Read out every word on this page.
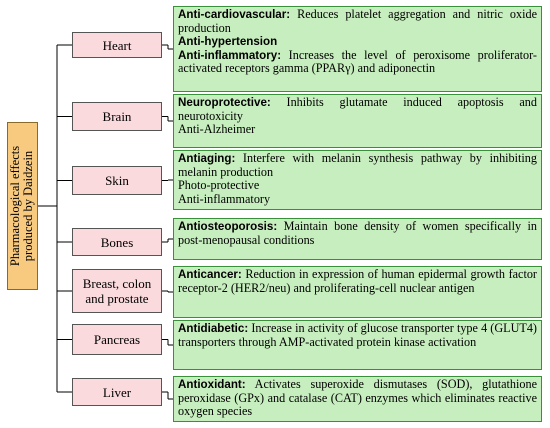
Pharmacological effects
produced by Daidzein
Heart
Brain
Skin
Bones
Breast, colon and prostate
Pancreas
Liver

Anti-cardiovascular: Reduces platelet aggregation and nitric oxide production

Anti-hypertension

Anti-inflammatory: Increases the level of peroxisome proliferator-activated receptors gamma (PPARγ) and adiponectin

Neuroprotective: Inhibits glutamate induced apoptosis and neurotoxicity

Anti-Alzheimer

Antiaging: Interfere with melanin synthesis pathway by inhibiting melanin production

Photo-protective

Anti-inflammatory

Antiosteoporosis: Maintain bone density of women specifically in post-menopausal conditions

Anticancer: Reduction in expression of human epidermal growth factor receptor-2 (HER2/neu) and proliferating-cell nuclear antigen

Antidiabetic: Increase in activity of glucose transporter type 4 (GLUT4) transporters through AMP-activated protein kinase activation

Antioxidant: Activates superoxide dismutases (SOD), glutathione peroxidase (GPx) and catalase (CAT) enzymes which eliminates reactive oxygen species
